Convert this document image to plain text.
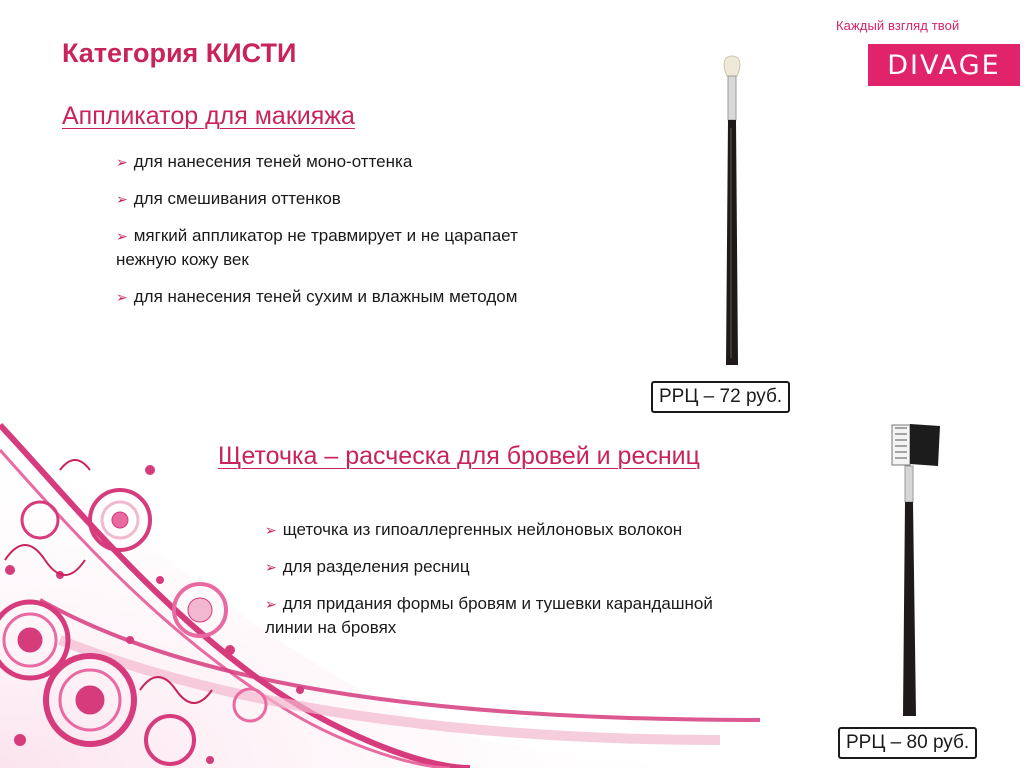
Каждый взгляд твой
DIVAGE
Категория КИСТИ
Аппликатор для макияжа
➢ для нанесения теней моно-оттенка
➢ для смешивания оттенков
➢ мягкий аппликатор не травмирует и не царапает
нежную кожу век
➢ для нанесения теней сухим и влажным методом
РРЦ – 72 руб.
Щеточка – расческа для бровей и ресниц
➢ щеточка из гипоаллергенных нейлоновых волокон
➢ для разделения ресниц
➢ для придания формы бровям и тушевки карандашной
линии на бровях
РРЦ – 80 руб.
